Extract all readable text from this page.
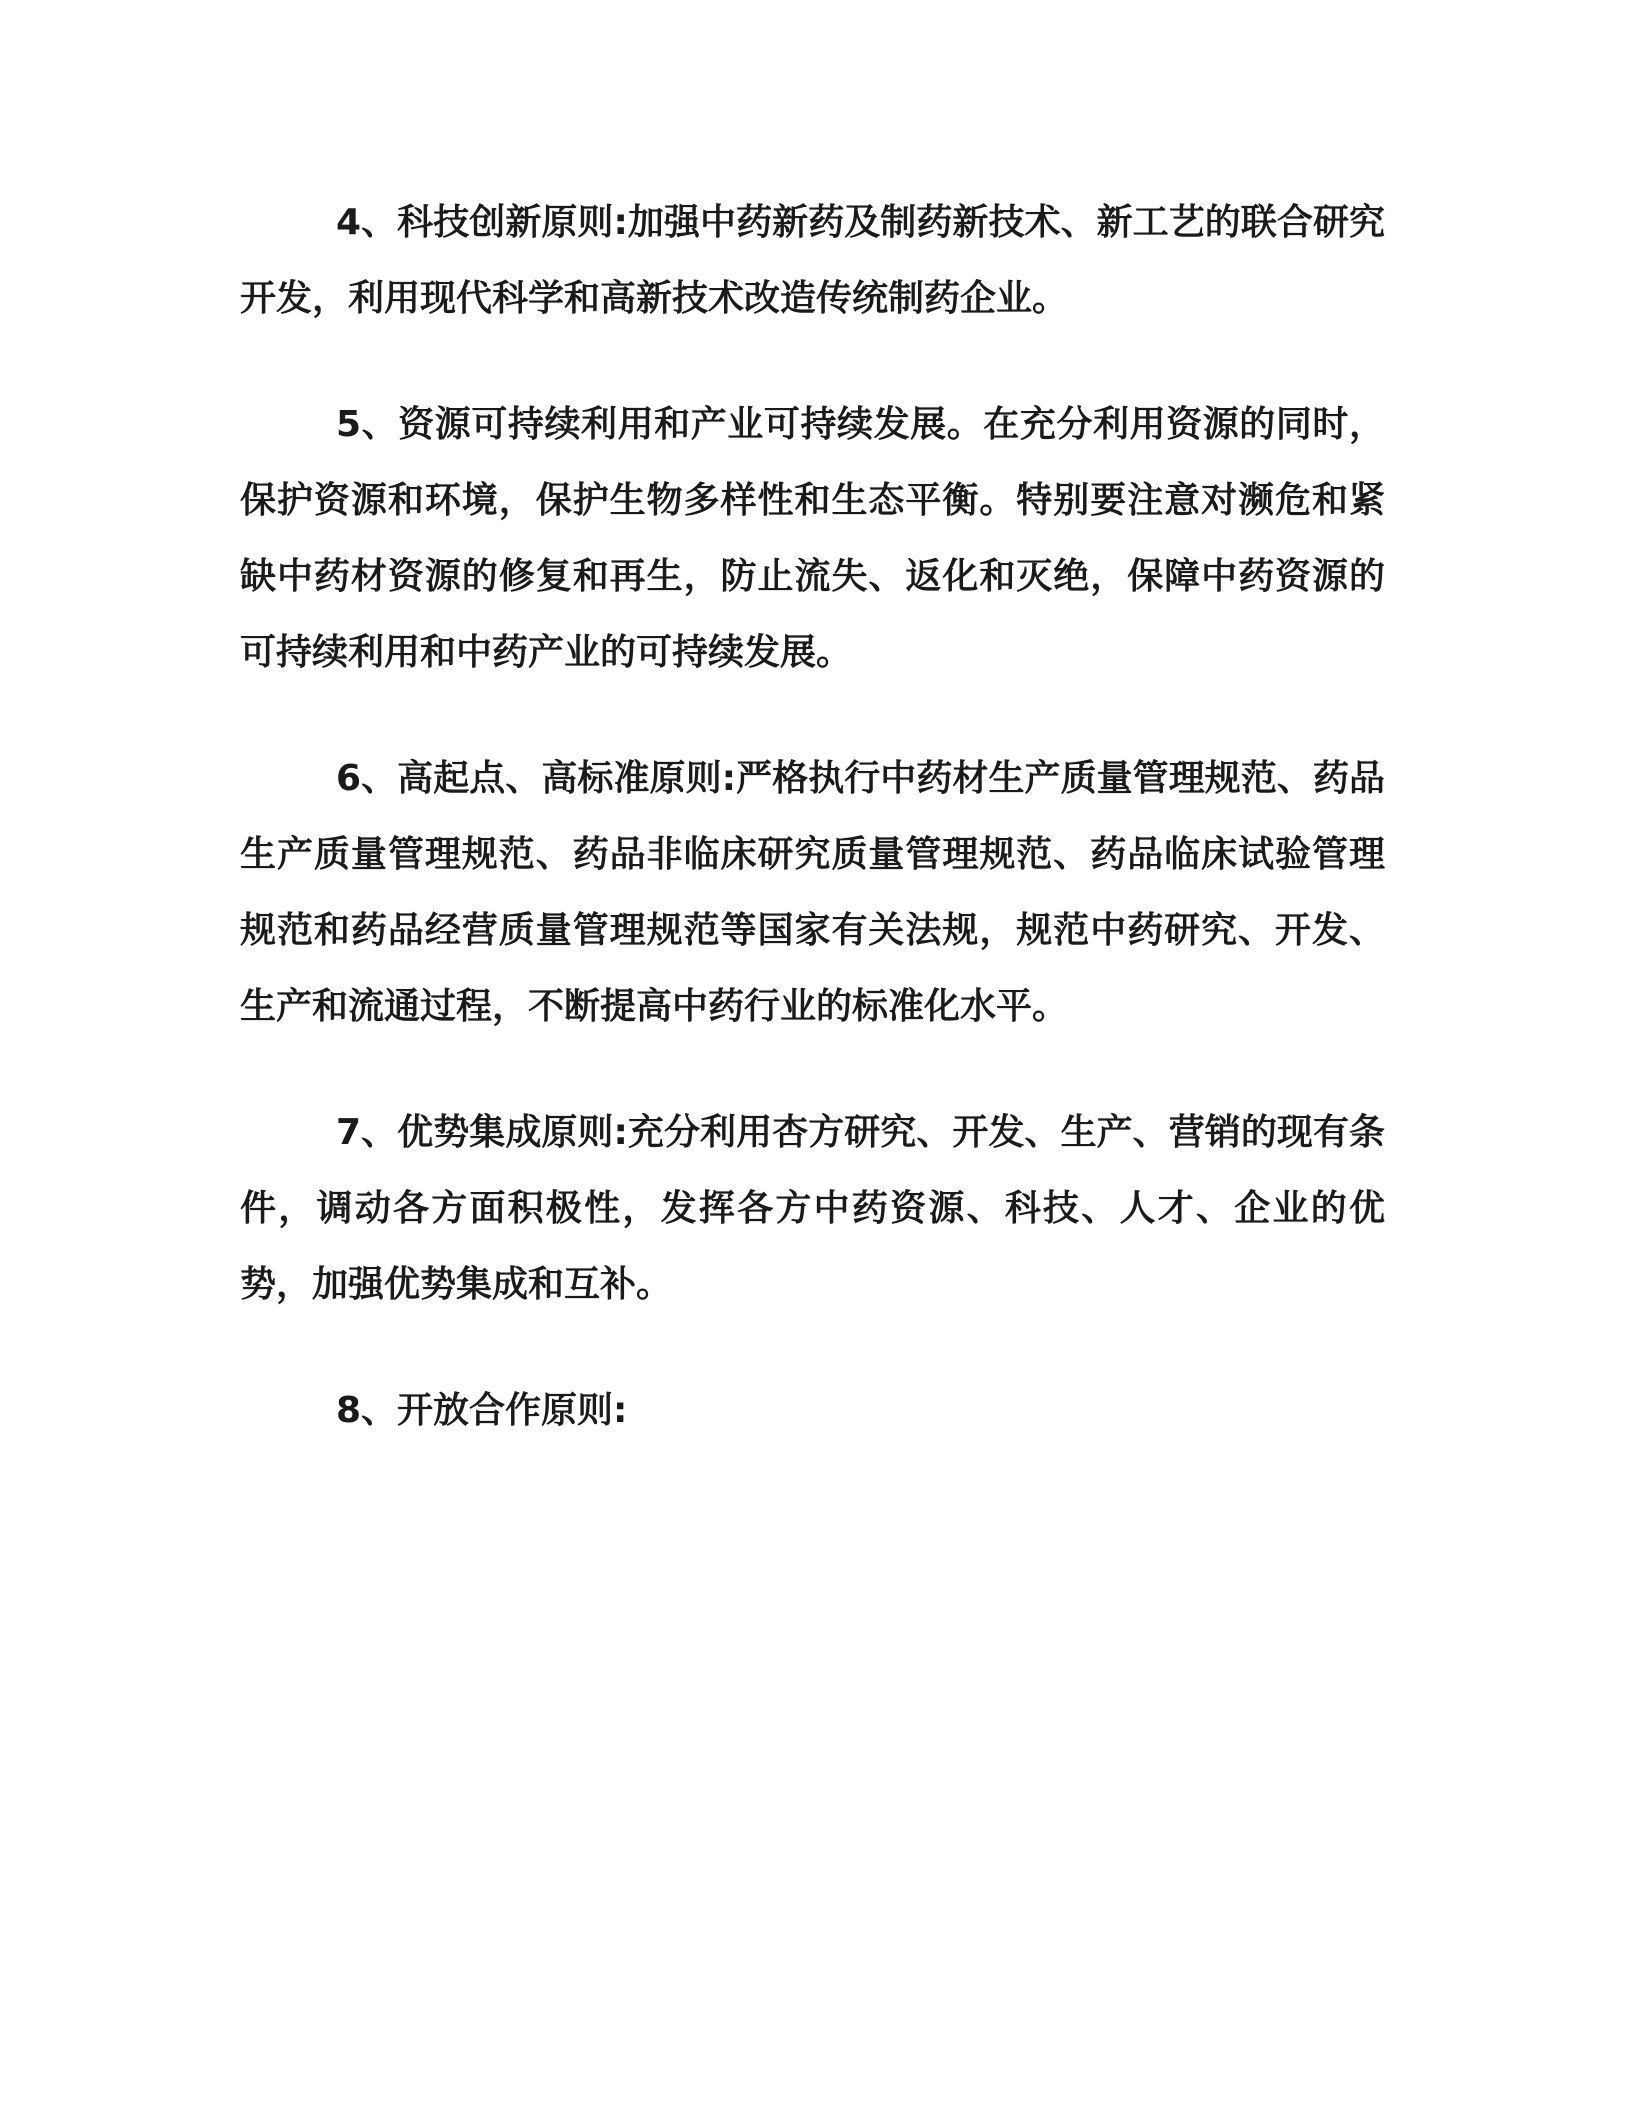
4、科技创新原则:加强中药新药及制药新技术、新工艺的联合研究开发，利用现代科学和高新技术改造传统制药企业。

5、资源可持续利用和产业可持续发展。在充分利用资源的同时，保护资源和环境，保护生物多样性和生态平衡。特别要注意对濒危和紧缺中药材资源的修复和再生，防止流失、返化和灭绝，保障中药资源的可持续利用和中药产业的可持续发展。

6、高起点、高标准原则:严格执行中药材生产质量管理规范、药品生产质量管理规范、药品非临床研究质量管理规范、药品临床试验管理规范和药品经营质量管理规范等国家有关法规，规范中药研究、开发、生产和流通过程，不断提高中药行业的标准化水平。

7、优势集成原则:充分利用杏方研究、开发、生产、营销的现有条件，调动各方面积极性，发挥各方中药资源、科技、人才、企业的优势，加强优势集成和互补。

8、开放合作原则:
